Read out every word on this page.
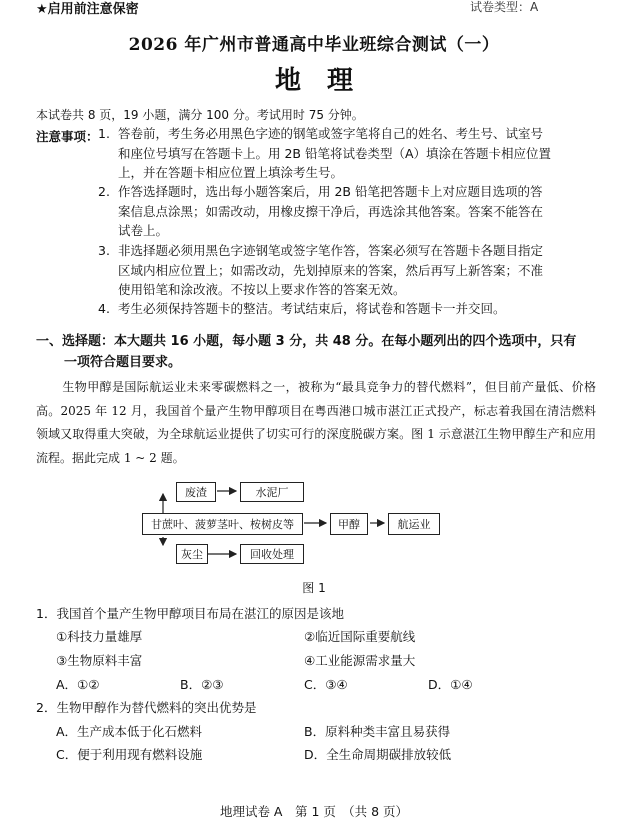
★启用前注意保密	试卷类型：A
2026 年广州市普通高中毕业班综合测试（一）
地理
本试卷共 8 页，19 小题，满分 100 分。考试用时 75 分钟。
注意事项： 1. 答卷前，考生务必用黑色字迹的钢笔或签字笔将自己的姓名、考生号、试室号和座位号填写在答题卡上。用 2B 铅笔将试卷类型（A）填涂在答题卡相应位置上，并在答题卡相应位置上填涂考生号。
2. 作答选择题时，选出每小题答案后，用 2B 铅笔把答题卡上对应题目选项的答案信息点涂黑；如需改动，用橡皮擦干净后，再选涂其他答案。答案不能答在试卷上。
3. 非选择题必须用黑色字迹钢笔或签字笔作答，答案必须写在答题卡各题目指定区域内相应位置上；如需改动，先划掉原来的答案，然后再写上新答案；不准使用铅笔和涂改液。不按以上要求作答的答案无效。
4. 考生必须保持答题卡的整洁。考试结束后，将试卷和答题卡一并交回。
一、选择题：本大题共 16 小题，每小题 3 分，共 48 分。在每小题列出的四个选项中，只有
一项符合题目要求。
生物甲醇是国际航运业未来零碳燃料之一，被称为“最具竞争力的替代燃料”，但目前产量低、价格高。2025 年 12 月，我国首个量产生物甲醇项目在粤西港口城市湛江正式投产，标志着我国在清洁燃料领域又取得重大突破，为全球航运业提供了切实可行的深度脱碳方案。图 1 示意湛江生物甲醇生产和应用流程。据此完成 1 ~ 2 题。
废渣	水泥厂
甘蔗叶、菠萝茎叶、桉树皮等	甲醇	航运业
灰尘	回收处理
图 1
1．我国首个量产生物甲醇项目布局在湛江的原因是该地
①科技力量雄厚	②临近国际重要航线
③生物原料丰富	④工业能源需求量大
A．①②	B．②③	C．③④	D．①④
2．生物甲醇作为替代燃料的突出优势是
A．生产成本低于化石燃料	B．原料种类丰富且易获得
C．便于利用现有燃料设施	D．全生命周期碳排放较低
地理试卷 A　第 1 页　（共 8 页）
